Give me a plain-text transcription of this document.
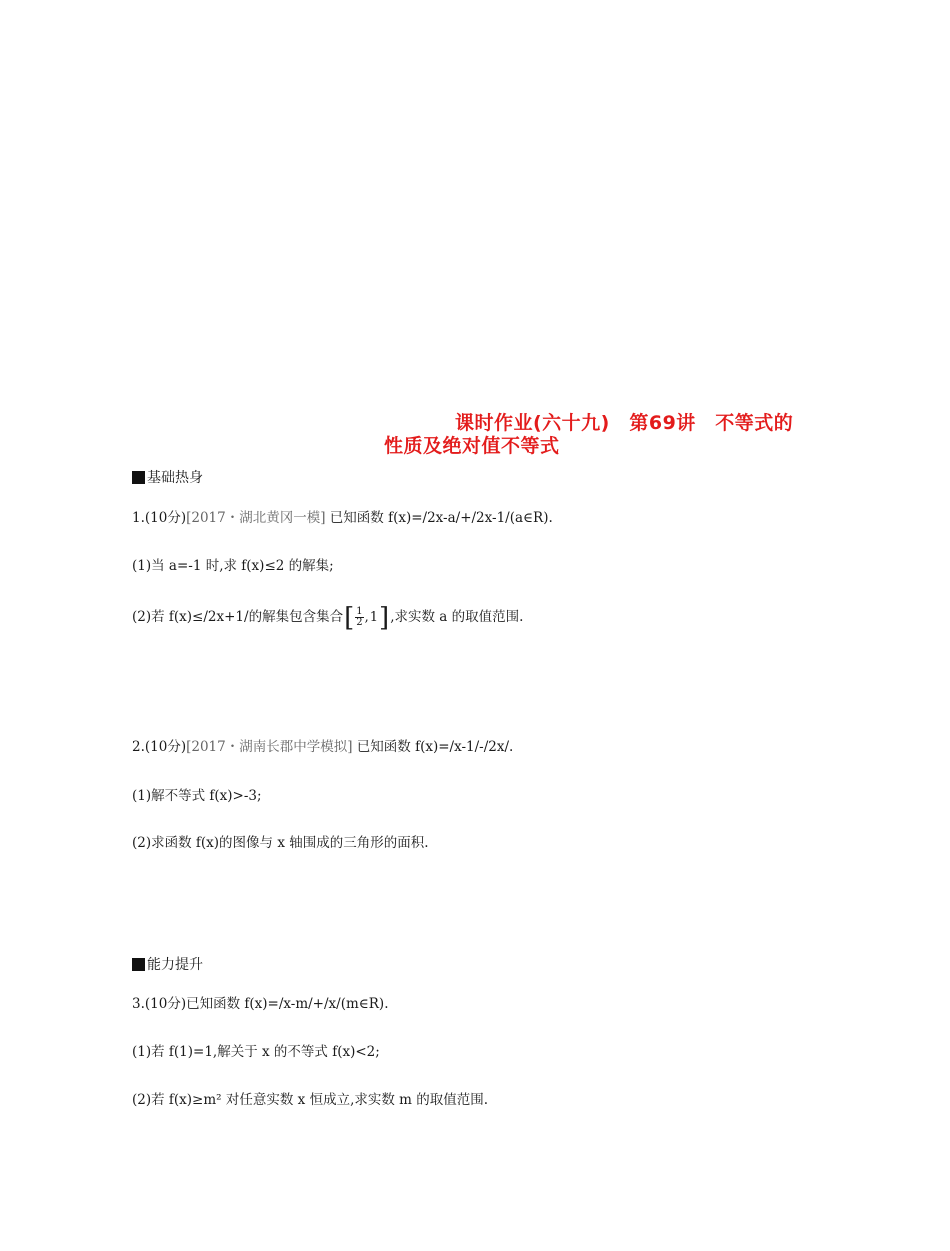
课时作业(六十九)　第69讲　不等式的
性质及绝对值不等式
基础热身
1.(10分)[2017・湖北黄冈一模] 已知函数 f(x)=/2x-a/+/2x-1/(a∈R).
(1)当 a=-1 时,求 f(x)≤2 的解集;
(2)若 f(x)≤/2x+1/的解集包含集合 [ $\frac{1}{2}$ , 1 ] ,求实数 a 的取值范围.
2.(10分)[2017・湖南长郡中学模拟] 已知函数 f(x)=/x-1/-/2x/.
(1)解不等式 f(x)>-3;
(2)求函数 f(x)的图像与 x 轴围成的三角形的面积.
能力提升
3.(10分)已知函数 f(x)=/x-m/+/x/(m∈R).
(1)若 f(1)=1,解关于 x 的不等式 f(x)<2;
(2)若 f(x)≥m² 对任意实数 x 恒成立,求实数 m 的取值范围.
